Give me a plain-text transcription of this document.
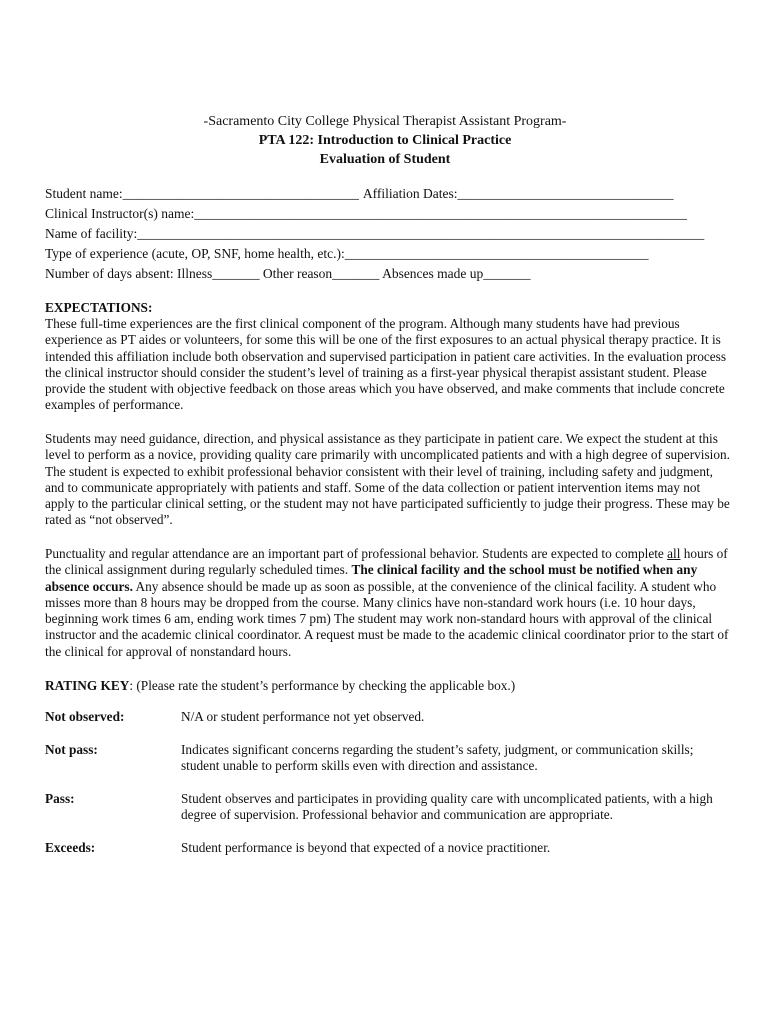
-Sacramento City College Physical Therapist Assistant Program-
PTA 122: Introduction to Clinical Practice
Evaluation of Student
Student name:___________________________________ Affiliation Dates:________________________________
Clinical Instructor(s) name:_________________________________________________________________________
Name of facility:____________________________________________________________________________________
Type of experience (acute, OP, SNF, home health, etc.):_____________________________________________
Number of days absent: Illness_______ Other reason_______ Absences made up_______
EXPECTATIONS:

These full-time experiences are the first clinical component of the program. Although many students have had previous experience as PT aides or volunteers, for some this will be one of the first exposures to an actual physical therapy practice. It is intended this affiliation include both observation and supervised participation in patient care activities. In the evaluation process the clinical instructor should consider the student’s level of training as a first-year physical therapist assistant student. Please provide the student with objective feedback on those areas which you have observed, and make comments that include concrete examples of performance.

Students may need guidance, direction, and physical assistance as they participate in patient care. We expect the student at this level to perform as a novice, providing quality care primarily with uncomplicated patients and with a high degree of supervision. The student is expected to exhibit professional behavior consistent with their level of training, including safety and judgment, and to communicate appropriately with patients and staff. Some of the data collection or patient intervention items may not apply to the particular clinical setting, or the student may not have participated sufficiently to judge their progress. These may be rated as “not observed”.

Punctuality and regular attendance are an important part of professional behavior. Students are expected to complete all hours of the clinical assignment during regularly scheduled times. The clinical facility and the school must be notified when any absence occurs. Any absence should be made up as soon as possible, at the convenience of the clinical facility. A student who misses more than 8 hours may be dropped from the course. Many clinics have non-standard work hours (i.e. 10 hour days, beginning work times 6 am, ending work times 7 pm) The student may work non-standard hours with approval of the clinical instructor and the academic clinical coordinator. A request must be made to the academic clinical coordinator prior to the start of the clinical for approval of nonstandard hours.

RATING KEY: (Please rate the student’s performance by checking the applicable box.)
Not observed:	N/A or student performance not yet observed.
Not pass:	Indicates significant concerns regarding the student’s safety, judgment, or communication skills; student unable to perform skills even with direction and assistance.
Pass:	Student observes and participates in providing quality care with uncomplicated patients, with a high degree of supervision. Professional behavior and communication are appropriate.
Exceeds:	Student performance is beyond that expected of a novice practitioner.
